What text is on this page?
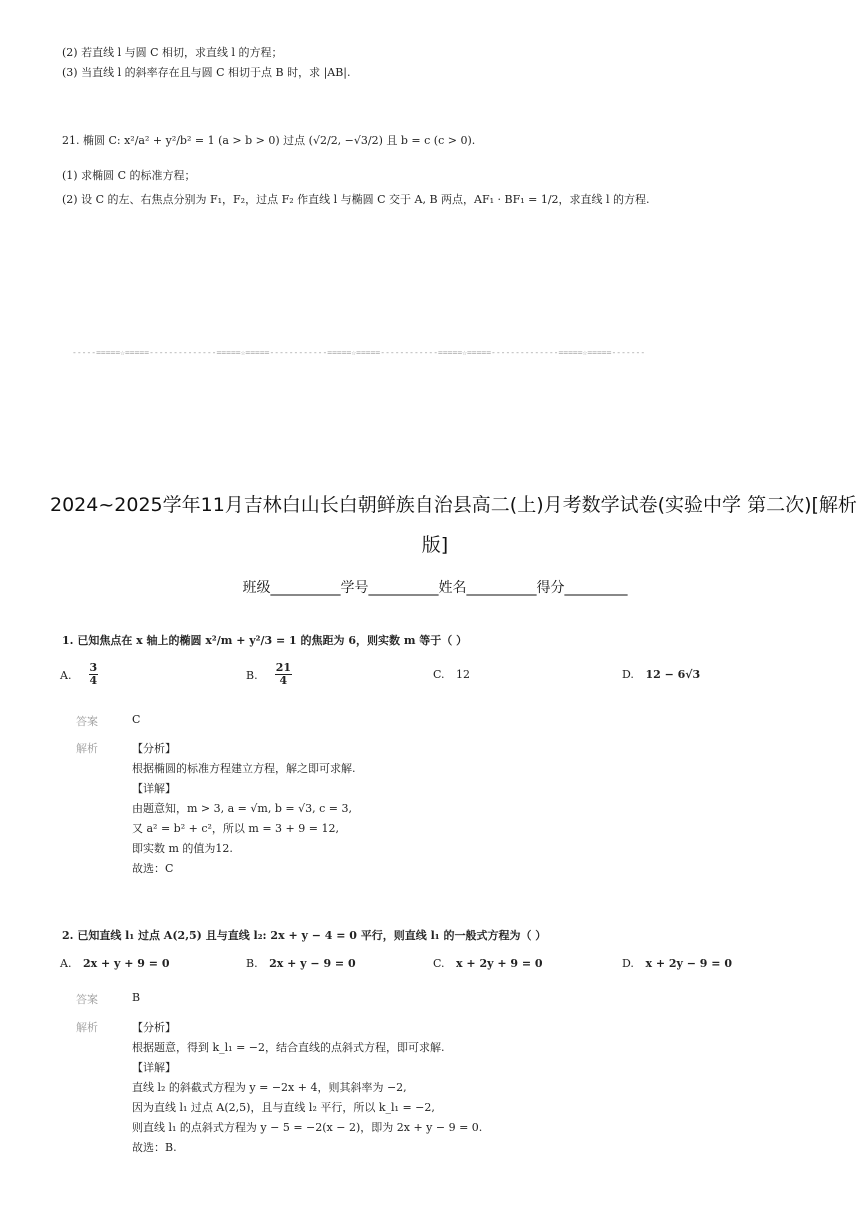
(2) 若直线 l 与圆 C 相切，求直线 l 的方程；
(3) 当直线 l 的斜率存在且与圆 C 相切于点 B 时，求 |AB|.
21. 椭圆 C: x²/a² + y²/b² = 1 (a > b > 0) 过点 (√2/2, −√3/2) 且 b = c (c > 0).
(1) 求椭圆 C 的标准方程；
(2) 设 C 的左、右焦点分别为 F₁，F₂，过点 F₂ 作直线 l 与椭圆 C 交于 A, B 两点，AF₁ · BF₁ = 1/2，求直线 l 的方程.
-----=====☆=====--------------=====☆=====------------=====☆=====------------=====☆=====--------------=====☆=====-------
2024~2025学年11月吉林白山长白朝鲜族自治县高二(上)月考数学试卷(实验中学 第二次)[解析
版]
班级__________学号__________姓名__________得分_________
1. 已知焦点在 x 轴上的椭圆 x²/m + y²/3 = 1 的焦距为 6，则实数 m 等于（ ）
A. $\frac{3}{4}$	B. $\frac{21}{4}$	C. 12	D. 12 − 6√3
答案	C
解析	【分析】
根据椭圆的标准方程建立方程，解之即可求解.
【详解】
由题意知，m > 3, a = √m, b = √3, c = 3,
又 a² = b² + c²，所以 m = 3 + 9 = 12,
即实数 m 的值为12.
故选：C
2. 已知直线 l₁ 过点 A(2,5) 且与直线 l₂: 2x + y − 4 = 0 平行，则直线 l₁ 的一般式方程为（ ）
A. 2x + y + 9 = 0	B. 2x + y − 9 = 0	C. x + 2y + 9 = 0	D. x + 2y − 9 = 0
答案	B
解析	【分析】
根据题意，得到 k_l₁ = −2，结合直线的点斜式方程，即可求解.
【详解】
直线 l₂ 的斜截式方程为 y = −2x + 4，则其斜率为 −2,
因为直线 l₁ 过点 A(2,5)，且与直线 l₂ 平行，所以 k_l₁ = −2,
则直线 l₁ 的点斜式方程为 y − 5 = −2(x − 2)，即为 2x + y − 9 = 0.
故选：B.
